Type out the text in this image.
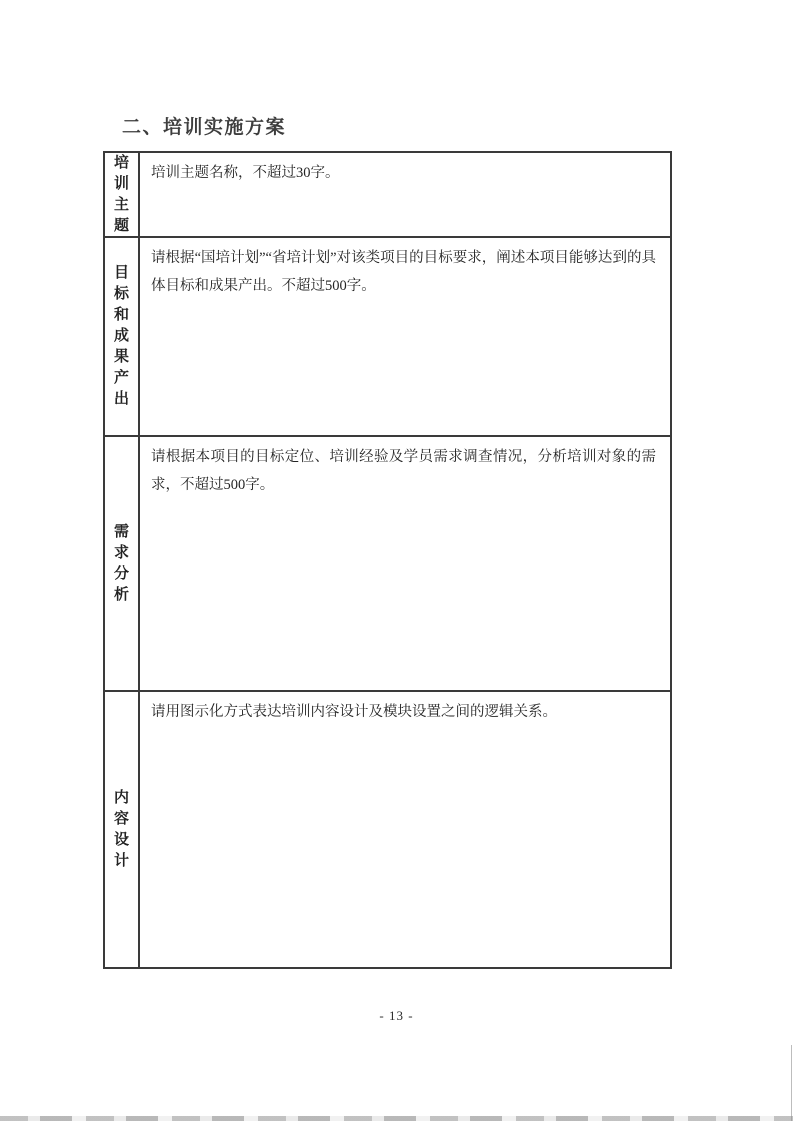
二、培训实施方案
培训主题
培训主题名称，不超过30字。
目标和成果产出
请根据“国培计划”“省培计划”对该类项目的目标要求，阐述本项目能够达到的具体目标和成果产出。不超过500字。
需求分析
请根据本项目的目标定位、培训经验及学员需求调查情况，分析培训对象的需求，不超过500字。
内容设计
请用图示化方式表达培训内容设计及模块设置之间的逻辑关系。
- 13 -
